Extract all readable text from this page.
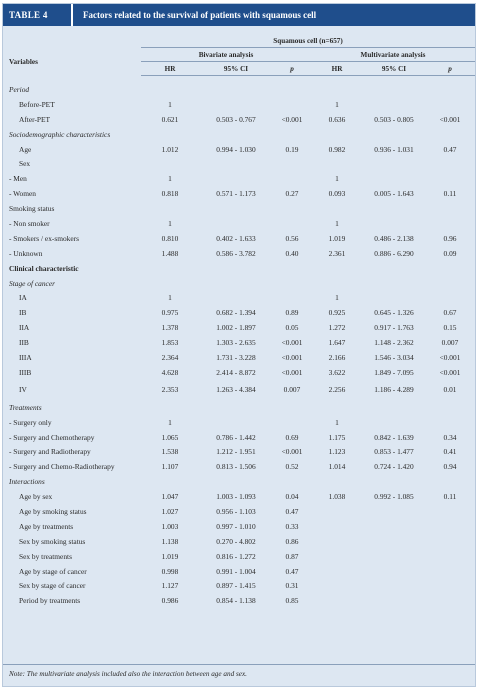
TABLE 4	Factors related to the survival of patients with squamous cell
	Squamous cell (n=657)					
Variables	Bivariate analysis			Multivariate analysis		
	HR	95% CI	p	HR	95% CI	p

Period						
Before-PET	1			1		
After-PET	0.621	0.503 - 0.767	<0.001	0.636	0.503 - 0.805	<0.001
Sociodemographic characteristics						
Age	1.012	0.994 - 1.030	0.19	0.982	0.936 - 1.031	0.47
Sex						
- Men	1			1		
- Women	0.818	0.571 - 1.173	0.27	0.093	0.005 - 1.643	0.11
Smoking status						
- Non smoker	1			1		
- Smokers / ex-smokers	0.810	0.402 - 1.633	0.56	1.019	0.486 - 2.138	0.96
- Unknown	1.488	0.586 - 3.782	0.40	2.361	0.886 - 6.290	0.09
Clinical characteristic						
Stage of cancer						
IA	1			1		
IB	0.975	0.682 - 1.394	0.89	0.925	0.645 - 1.326	0.67
IIA	1.378	1.002 - 1.897	0.05	1.272	0.917 - 1.763	0.15
IIB	1.853	1.303 - 2.635	<0.001	1.647	1.148 - 2.362	0.007
IIIA	2.364	1.731 - 3.228	<0.001	2.166	1.546 - 3.034	<0.001
IIIB	4.628	2.414 - 8.872	<0.001	3.622	1.849 - 7.095	<0.001
IV	2.353	1.263 - 4.384	0.007	2.256	1.186 - 4.289	0.01
Treatments						
- Surgery only	1			1		
- Surgery and Chemotherapy	1.065	0.786 - 1.442	0.69	1.175	0.842 - 1.639	0.34
- Surgery and Radiotherapy	1.538	1.212 - 1.951	<0.001	1.123	0.853 - 1.477	0.41
- Surgery and Chemo-Radiotherapy	1.107	0.813 - 1.506	0.52	1.014	0.724 - 1.420	0.94
Interactions						
Age by sex	1.047	1.003 - 1.093	0.04	1.038	0.992 - 1.085	0.11
Age by smoking status	1.027	0.956 - 1.103	0.47			
Age by treatments	1.003	0.997 - 1.010	0.33			
Sex by smoking status	1.138	0.270 - 4.802	0.86			
Sex by treatments	1.019	0.816 - 1.272	0.87			
Age by stage of cancer	0.998	0.991 - 1.004	0.47			
Sex by stage of cancer	1.127	0.897 - 1.415	0.31			
Period by treatments	0.986	0.854 - 1.138	0.85			
Note: The multivariate analysis included also the interaction between age and sex.
